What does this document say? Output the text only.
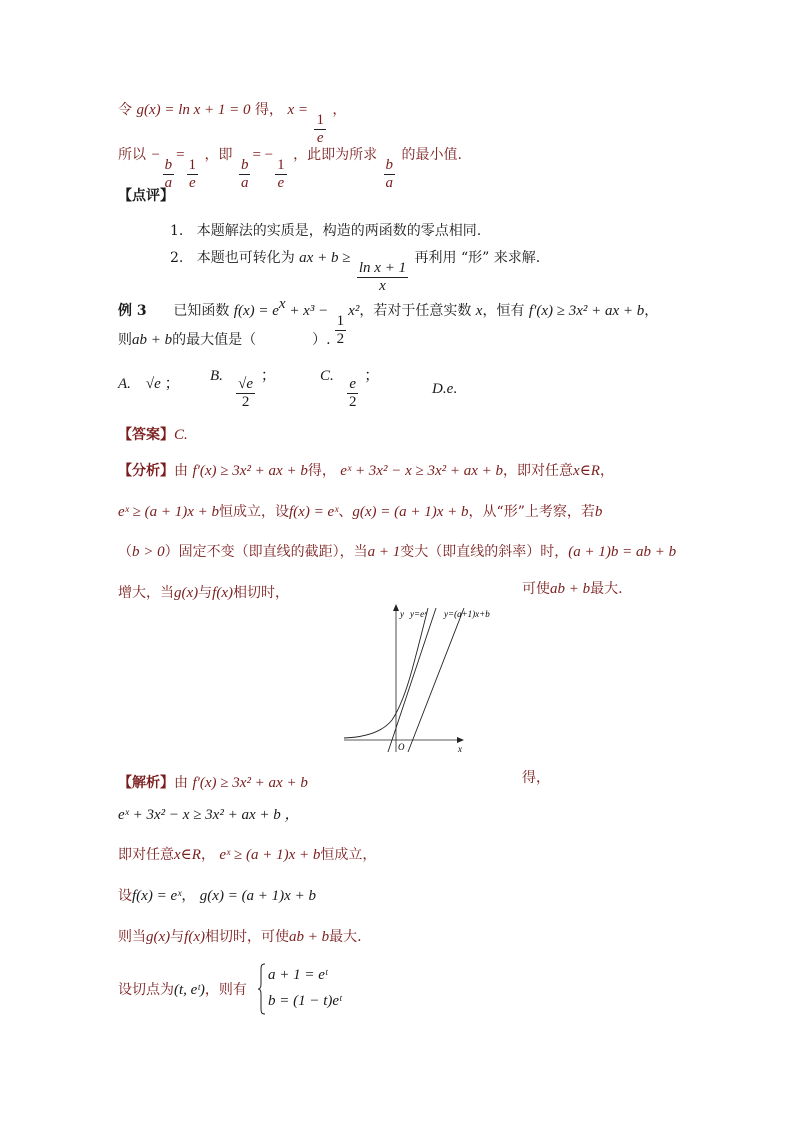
令 g(x) = ln x + 1 = 0 得， x =
$\frac{1}{e}$
，
所以 −
$\frac{b}{a}$
=
$\frac{1}{e}$
，即
$\frac{b}{a}$
= −
$\frac{1}{e}$
，此即为所求
$\frac{b}{a}$
的最小值.
【点评】
1. 本题解法的实质是，构造的两函数的零点相同.
2. 本题也可转化为 ax + b ≥
$\frac{\text{ln x + 1}}{x}$
再利用 “形” 来求解.
例 3 已知函数 $f(x) = e^x + x^3$ −
$\frac{1}{2}$
x²，若对于任意实数 x，恒有 f′(x) ≥ 3x² + ax + b，
则ab + b的最大值是（　　　　）.
A. √e ； B. $\frac{√e}{2}$ ；	C. $\frac{e}{2}$ ；
D.e.
【答案】C.
【分析】由 f′(x) ≥ 3x² + ax + b得， eˣ + 3x² − x ≥ 3x² + ax + b，即对任意x∈R，
eˣ ≥ (a + 1)x + b恒成立，设f(x) = eˣ、g(x) = (a + 1)x + b，从“形”上考察，若b
（b > 0）固定不变（即直线的截距），当a + 1变大（即直线的斜率）时，(a + 1)b = ab + b
增大，当g(x)与f(x)相切时，	可使ab + b最大.
y y=eˣ y=(a+1)x+b
O	x
【解析】由 f′(x) ≥ 3x² + ax + b	得，
eˣ + 3x² − x ≥ 3x² + ax + b ，
即对任意x∈R， eˣ ≥ (a + 1)x + b恒成立，
设f(x) = eˣ， g(x) = (a + 1)x + b
则当g(x)与f(x)相切时，可使ab + b最大.
设切点为(t, eᵗ)，则有
a + 1 = eᵗ
b = (1 − t)eᵗ
